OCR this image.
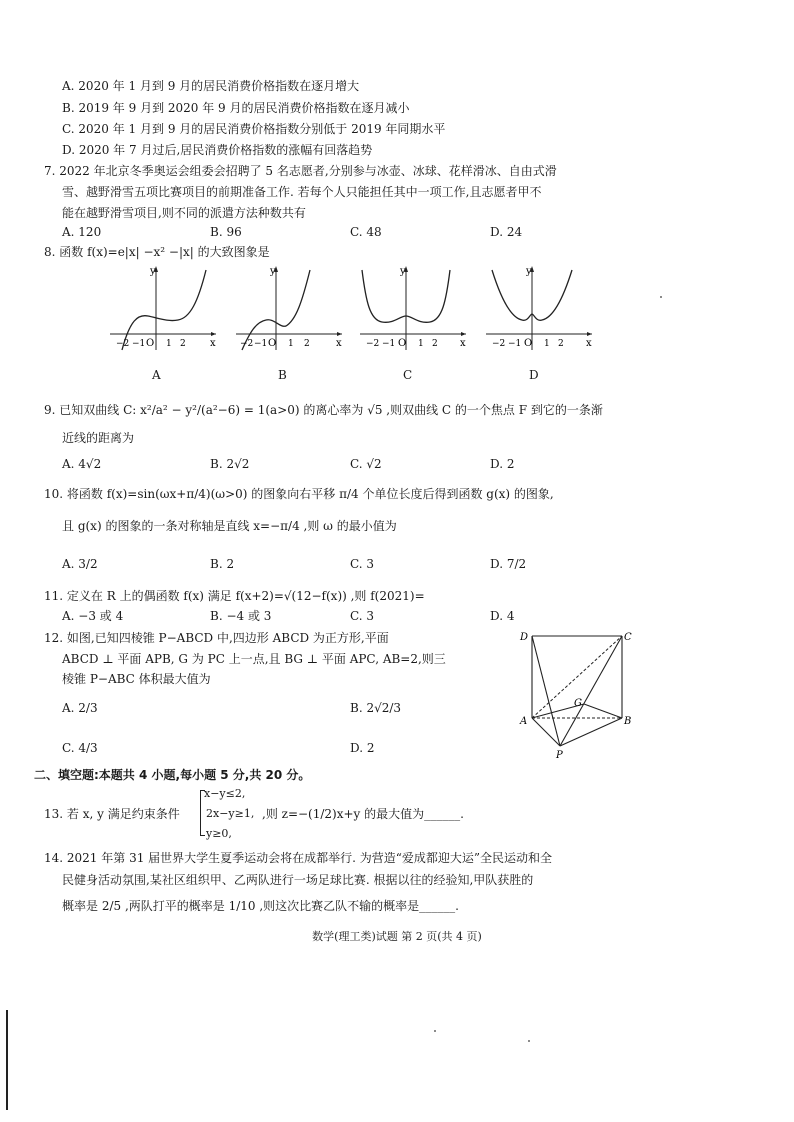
A. 2020 年 1 月到 9 月的居民消费价格指数在逐月增大
B. 2019 年 9 月到 2020 年 9 月的居民消费价格指数在逐月减小
C. 2020 年 1 月到 9 月的居民消费价格指数分别低于 2019 年同期水平
D. 2020 年 7 月过后,居民消费价格指数的涨幅有回落趋势
7. 2022 年北京冬季奥运会组委会招聘了 5 名志愿者,分别参与冰壶、冰球、花样滑冰、自由式滑
雪、越野滑雪五项比赛项目的前期准备工作. 若每个人只能担任其中一项工作,且志愿者甲不
能在越野滑雪项目,则不同的派遣方法种数共有
A. 120	B. 96	C. 48	D. 24
8. 函数 f(x)=e|x| −x² −|x| 的大致图象是
y
x
O
−2 −1 1 2
A
y
x
O
−2 −1 1 2
B
y
x
O
−2 −1	1 2
C
y
x
O
−2 −1	1 2
D
9. 已知双曲线 C: x²/a² − y²/(a²−6) = 1(a>0) 的离心率为 √5 ,则双曲线 C 的一个焦点 F 到它的一条渐
近线的距离为
A. 4√2	B. 2√2	C. √2	D. 2
10. 将函数 f(x)=sin(ωx+π/4)(ω>0) 的图象向右平移 π/4 个单位长度后得到函数 g(x) 的图象,
且 g(x) 的图象的一条对称轴是直线 x=−π/4 ,则 ω 的最小值为
A. 3/2	B. 2	C. 3	D. 7/2
11. 定义在 R 上的偶函数 f(x) 满足 f(x+2)=√(12−f(x)) ,则 f(2021)=
A. −3 或 4	B. −4 或 3	C. 3	D. 4
12. 如图,已知四棱锥 P−ABCD 中,四边形 ABCD 为正方形,平面
ABCD ⊥ 平面 APB, G 为 PC 上一点,且 BG ⊥ 平面 APC, AB=2,则三
棱锥 P−ABC 体积最大值为
A. 2/3	B. 2√2/3
C. 4/3	D. 2
D	C
A	B
G
P
二、填空题:本题共 4 小题,每小题 5 分,共 20 分。
x−y≤2,
13. 若 x, y 满足约束条件 2x−y≥1, ,则 z=−(1/2)x+y 的最大值为______.
y≥0,
14. 2021 年第 31 届世界大学生夏季运动会将在成都举行. 为营造“爱成都迎大运”全民运动和全
民健身活动氛围,某社区组织甲、乙两队进行一场足球比赛. 根据以往的经验知,甲队获胜的
概率是 2/5 ,两队打平的概率是 1/10 ,则这次比赛乙队不输的概率是______.
数学(理工类)试题 第 2 页(共 4 页)
